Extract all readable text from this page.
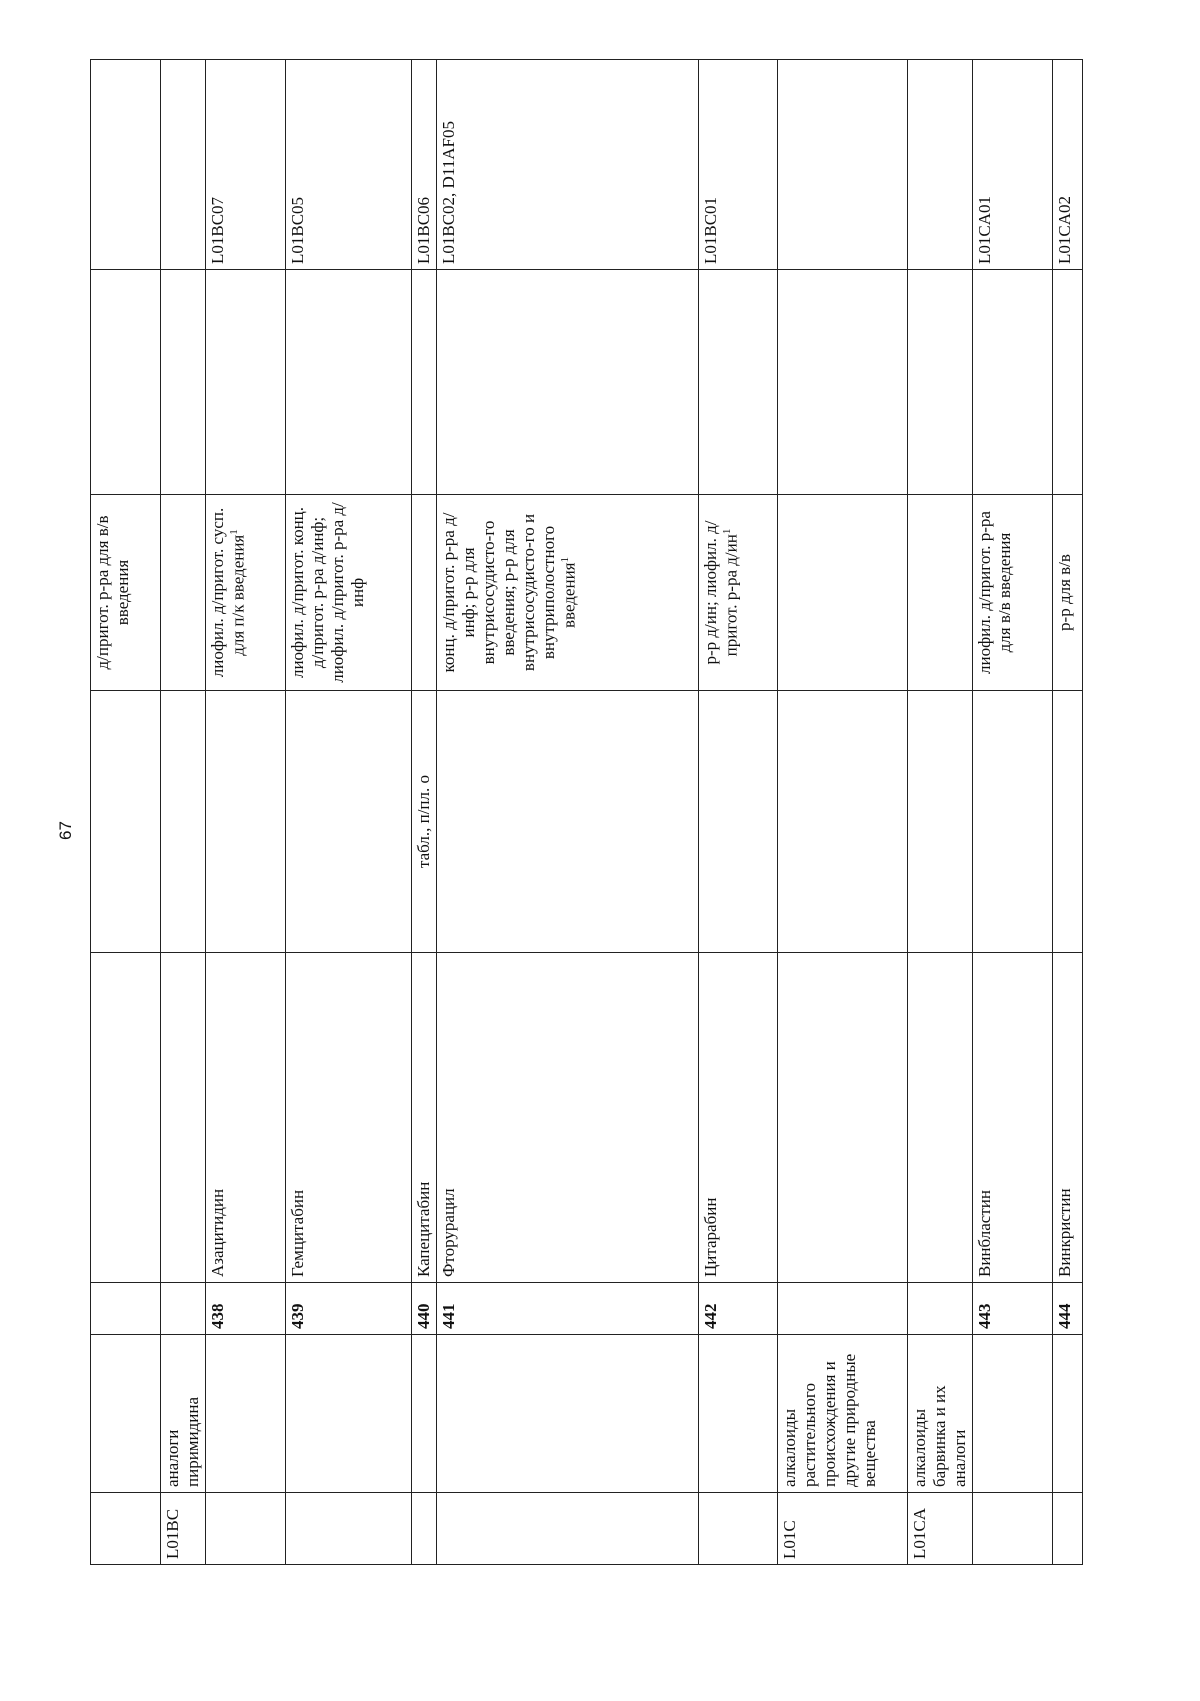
67
					д/пригот. р-ра для в/в введения		
L01BC	аналоги пиримидина						
		438	Азацитидин		лиофил. д/пригот. сусп. для п/к введения$^1$		L01BC07
		439	Гемцитабин		лиофил. д/пригот. конц. д/пригот. р-ра д/инф; лиофил. д/пригот. р-ра д/инф		L01BC05
		440	Капецитабин	табл., п/пл. о			L01BC06
		441	Фторурацил		конц. д/пригот. р-ра д/инф; р-р для внутрисосудисто-го введения; р-р для внутрисосудисто-го и внутриполостного введения$^1$		L01BC02, D11AF05
		442	Цитарабин		р-р д/ин; лиофил. д/пригот. р-ра $д/ин^1$		L01BC01
L01C	алкалоиды растительного происхождения и другие природные вещества						
L01CA	алкалоиды барвинка и их аналоги						
		443	Винбластин		лиофил. д/пригот. р-ра для в/в введения		L01CA01
		444	Винкристин		р-р для в/в		L01CA02
